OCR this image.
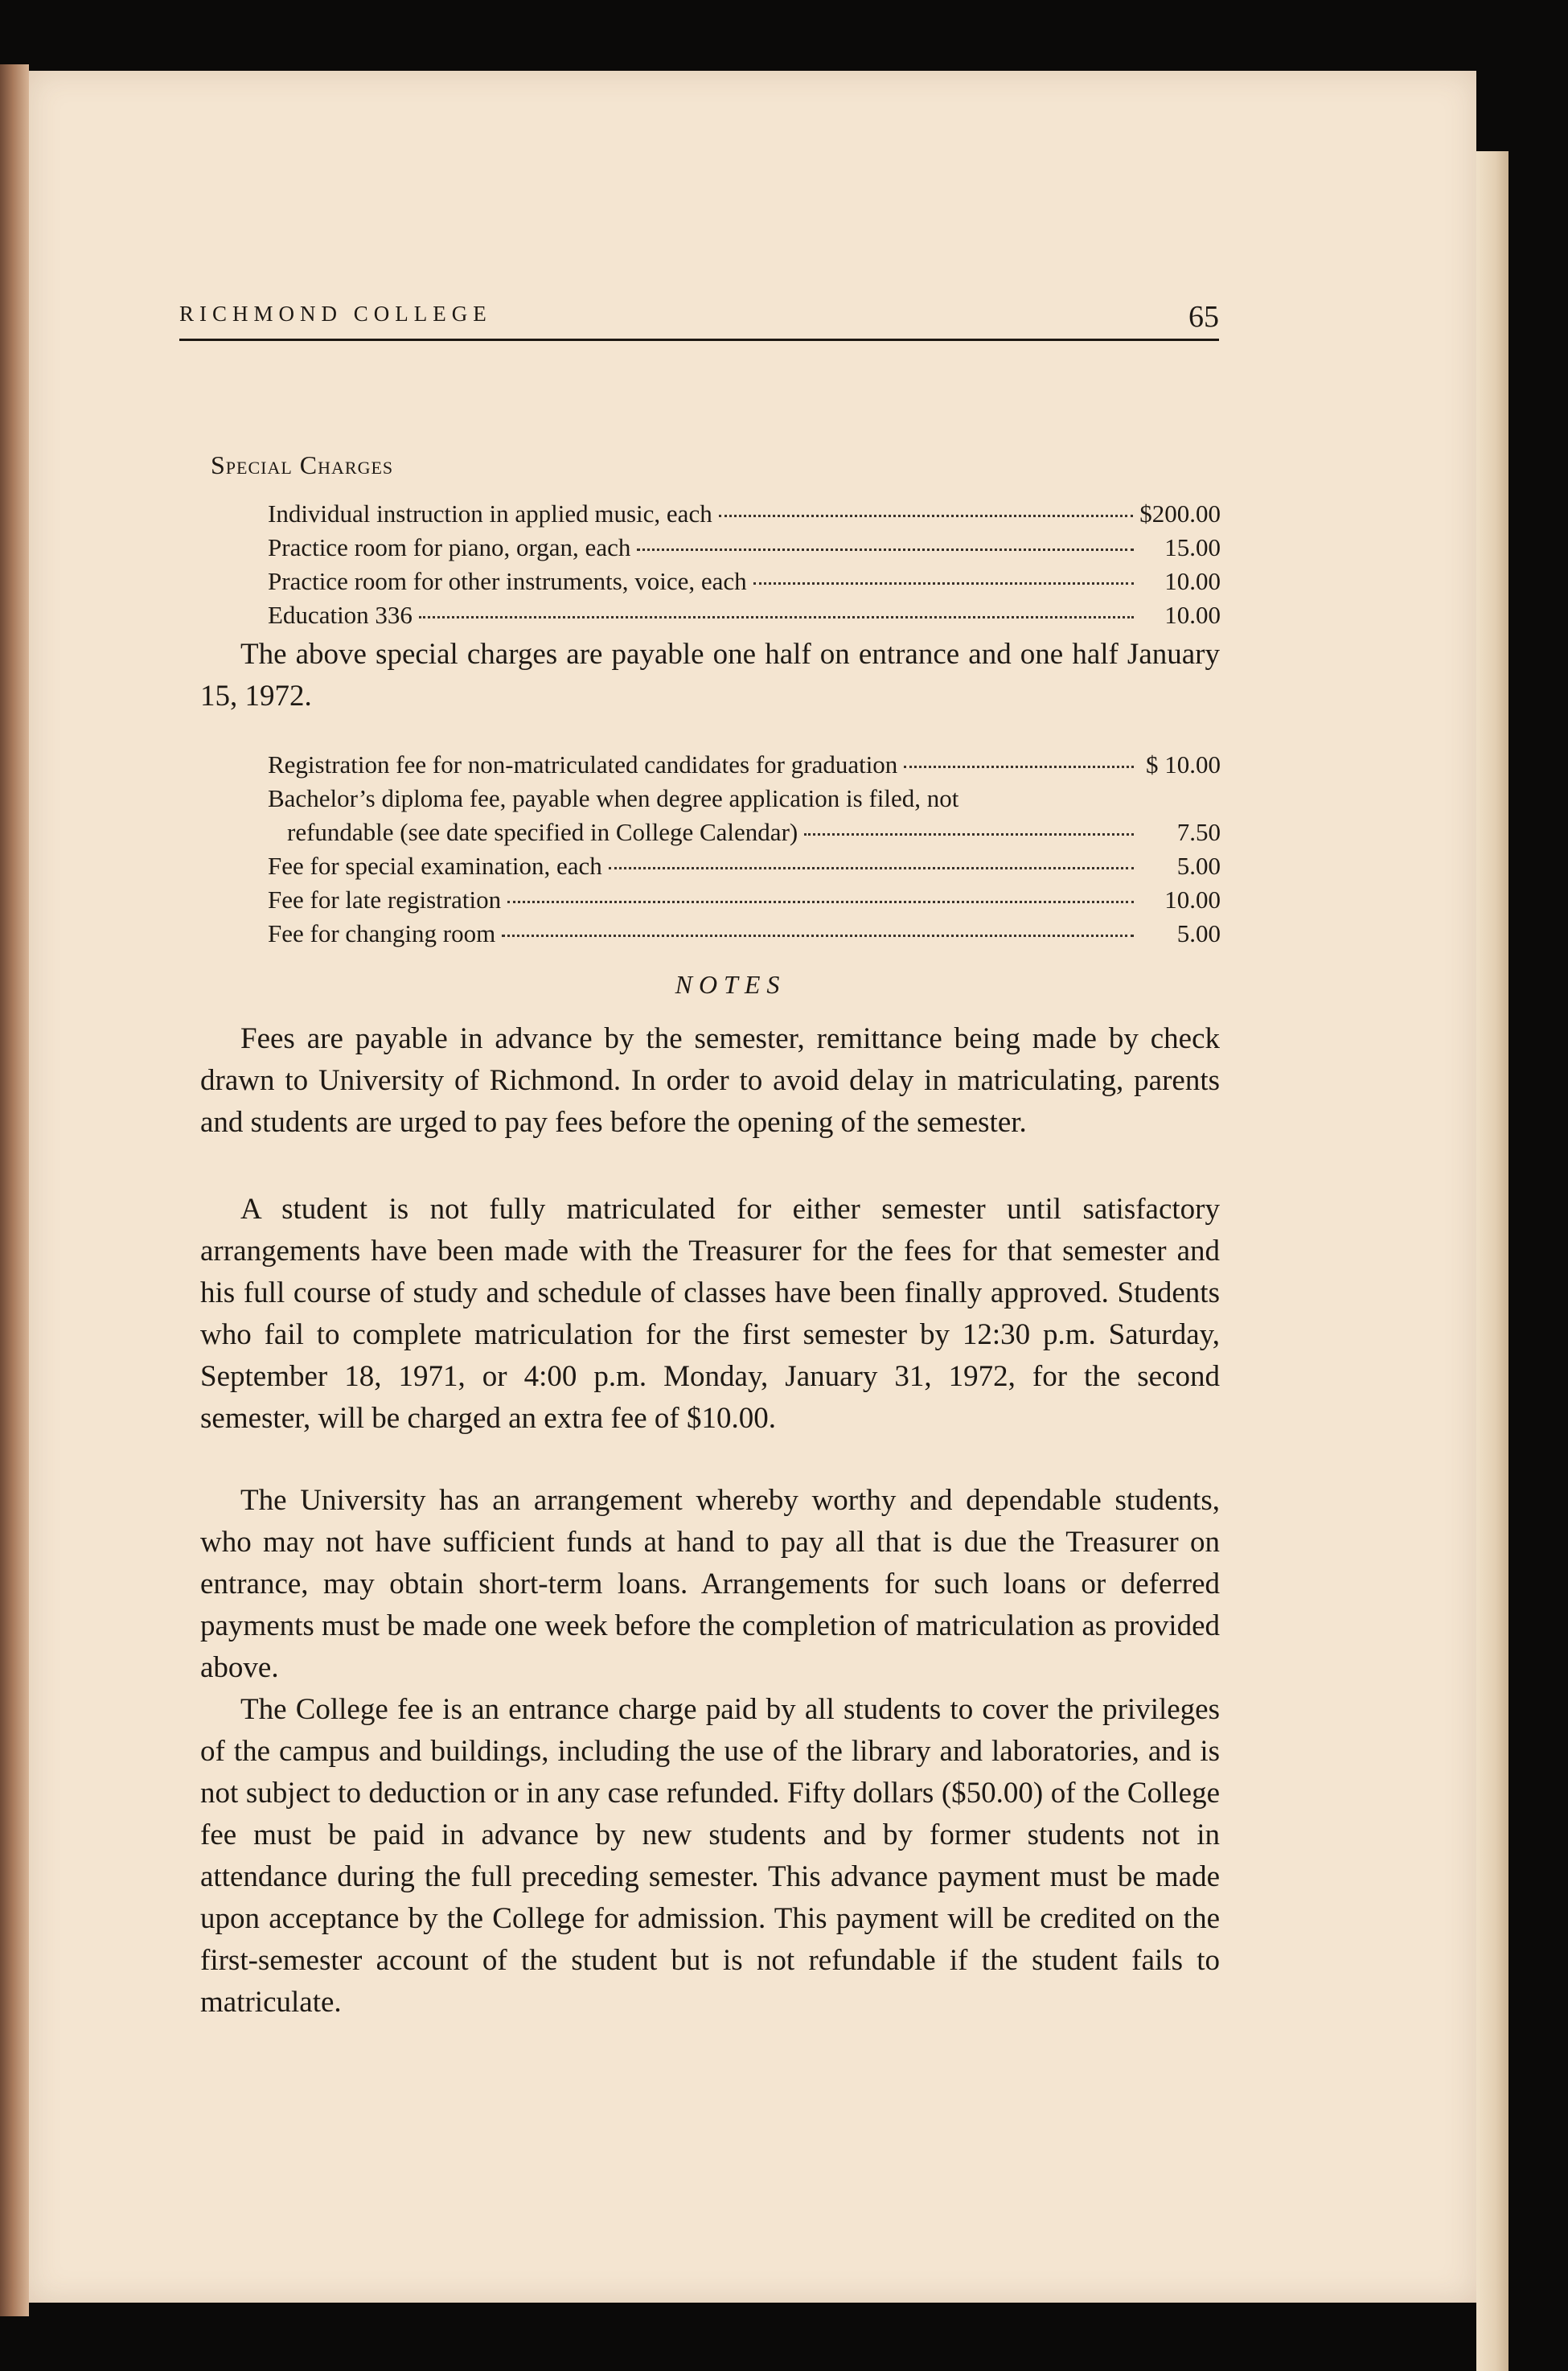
RICHMOND COLLEGE	65
Special Charges
Individual instruction in applied music, each	$200.00
Practice room for piano, organ, each	15.00
Practice room for other instruments, voice, each	10.00
Education 336	10.00

The above special charges are payable one half on entrance and one half January 15, 1972.

Registration fee for non-matriculated candidates for graduation	$ 10.00
Bachelor’s diploma fee, payable when degree application is filed, not
refundable (see date specified in College Calendar)	7.50
Fee for special examination, each	5.00
Fee for late registration	10.00
Fee for changing room	5.00
NOTES

Fees are payable in advance by the semester, remittance being made by check drawn to University of Richmond. In order to avoid delay in matriculating, parents and students are urged to pay fees before the opening of the semester.

A student is not fully matriculated for either semester until satisfactory arrangements have been made with the Treasurer for the fees for that semester and his full course of study and schedule of classes have been finally approved. Students who fail to complete matriculation for the first semester by 12:30 p.m. Saturday, September 18, 1971, or 4:00 p.m. Monday, January 31, 1972, for the second semester, will be charged an extra fee of $10.00.

The University has an arrangement whereby worthy and dependable students, who may not have sufficient funds at hand to pay all that is due the Treasurer on entrance, may obtain short-term loans. Arrangements for such loans or deferred payments must be made one week before the completion of matriculation as provided above.

The College fee is an entrance charge paid by all students to cover the privileges of the campus and buildings, including the use of the library and laboratories, and is not subject to deduction or in any case refunded. Fifty dollars ($50.00) of the College fee must be paid in advance by new students and by former students not in attendance during the full preceding semester. This advance payment must be made upon acceptance by the College for admission. This payment will be credited on the first-semester account of the student but is not refundable if the student fails to matriculate.
